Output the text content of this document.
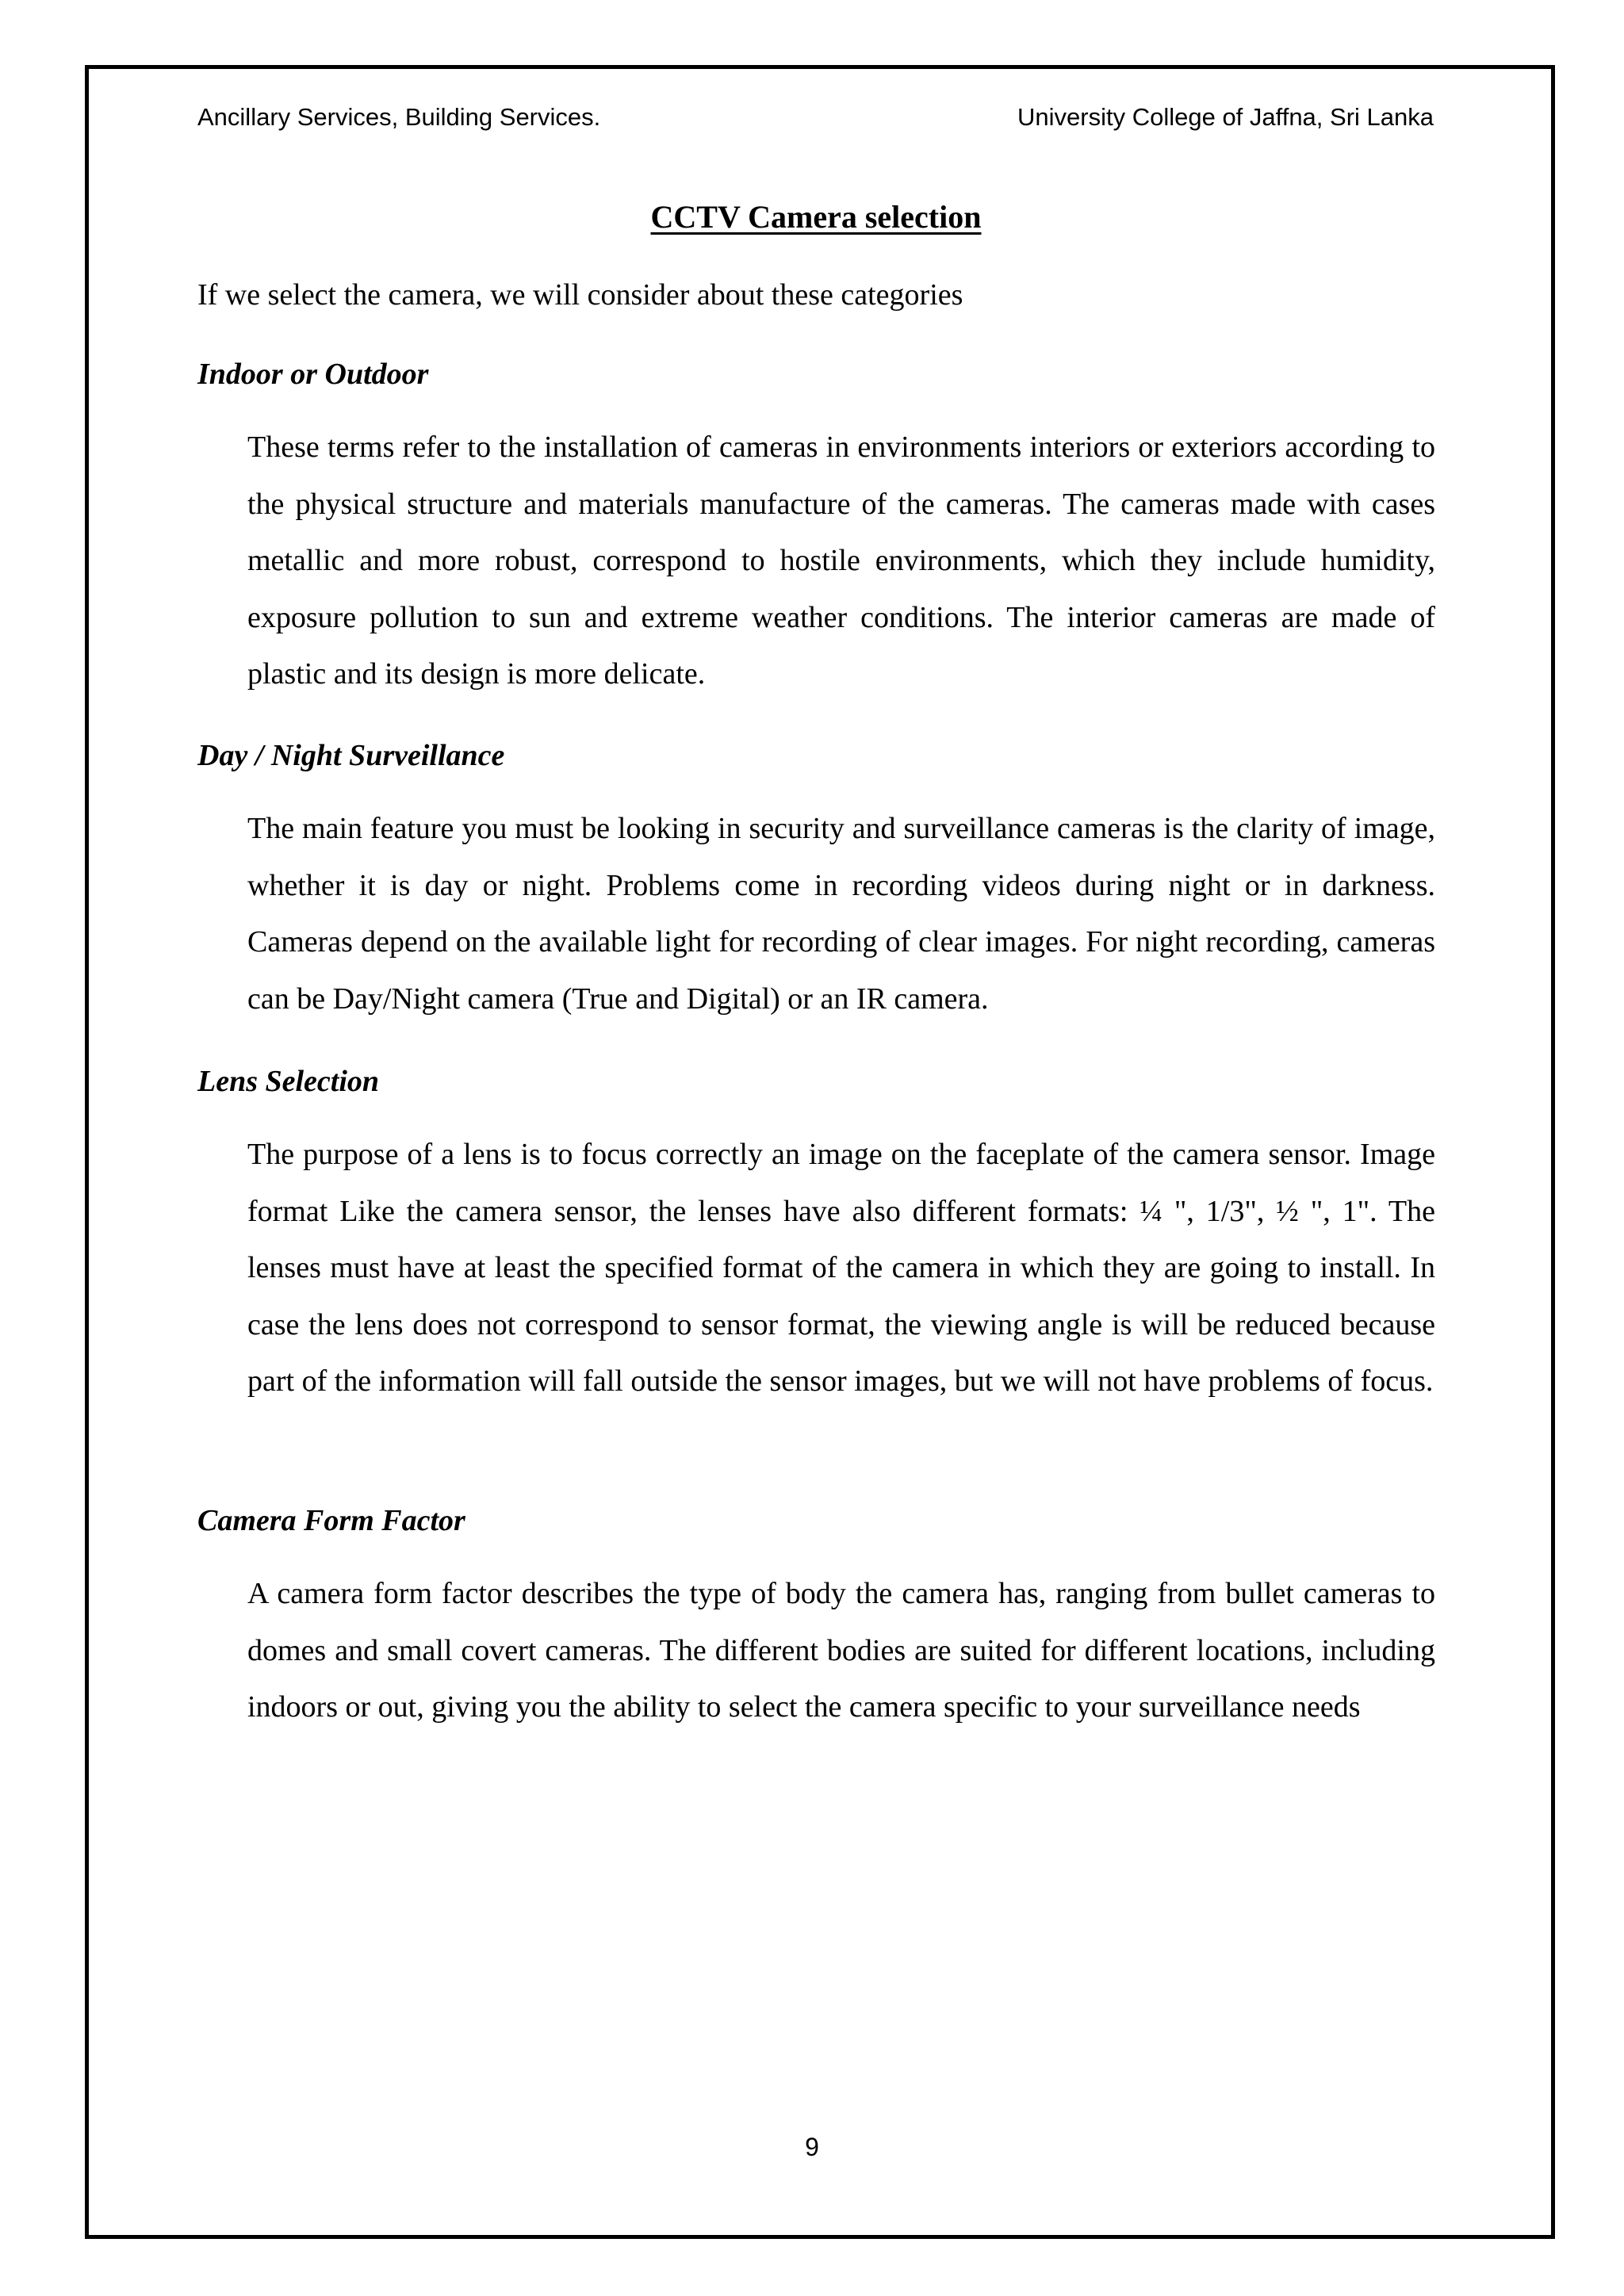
Ancillary Services, Building Services.	University College of Jaffna, Sri Lanka
CCTV Camera selection
If we select the camera, we will consider about these categories
Indoor or Outdoor
These terms refer to the installation of cameras in environments interiors or exteriors according to the physical structure and materials manufacture of the cameras. The cameras made with cases metallic and more robust, correspond to hostile environments, which they include humidity, exposure pollution to sun and extreme weather conditions. The interior cameras are made of plastic and its design is more delicate.
Day / Night Surveillance
The main feature you must be looking in security and surveillance cameras is the clarity of image, whether it is day or night. Problems come in recording videos during night or in darkness. Cameras depend on the available light for recording of clear images. For night recording, cameras can be Day/Night camera (True and Digital) or an IR camera.
Lens Selection
The purpose of a lens is to focus correctly an image on the faceplate of the camera sensor. Image format Like the camera sensor, the lenses have also different formats: ¼ ", 1/3", ½ ", 1". The lenses must have at least the specified format of the camera in which they are going to install. In case the lens does not correspond to sensor format, the viewing angle is will be reduced because part of the information will fall outside the sensor images, but we will not have problems of focus.
Camera Form Factor
A camera form factor describes the type of body the camera has, ranging from bullet cameras to domes and small covert cameras. The different bodies are suited for different locations, including indoors or out, giving you the ability to select the camera specific to your surveillance needs
9
